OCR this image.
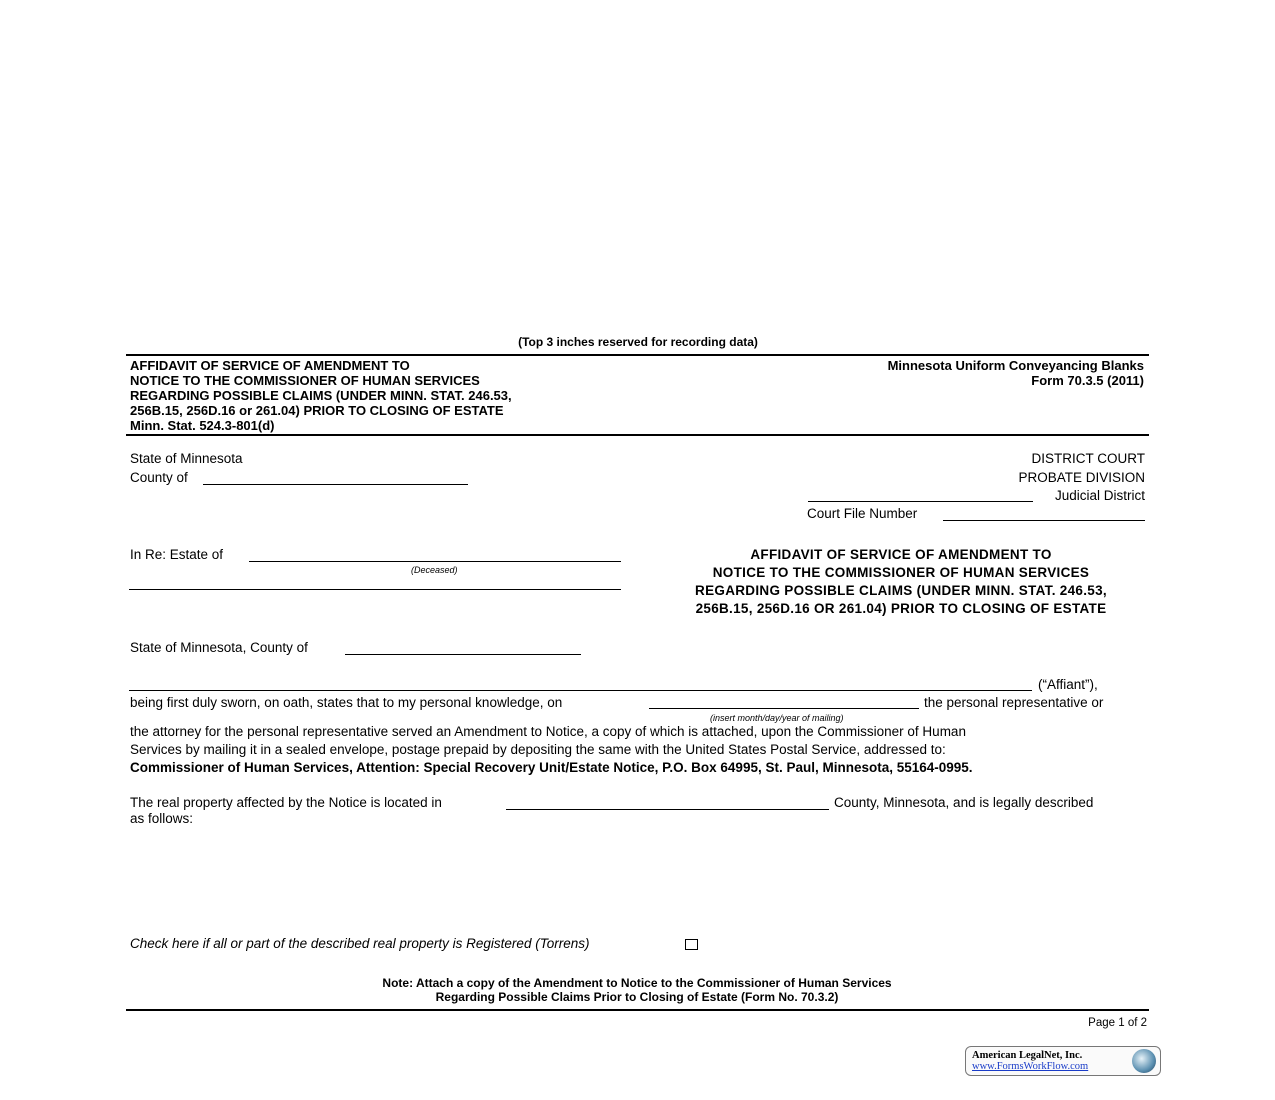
(Top 3 inches reserved for recording data)
AFFIDAVIT OF SERVICE OF AMENDMENT TO
NOTICE TO THE COMMISSIONER OF HUMAN SERVICES
REGARDING POSSIBLE CLAIMS (UNDER MINN. STAT. 246.53,
256B.15, 256D.16 or 261.04) PRIOR TO CLOSING OF ESTATE
Minn. Stat. 524.3-801(d)
Minnesota Uniform Conveyancing Blanks
Form 70.3.5 (2011)
State of Minnesota
County of
DISTRICT COURT
PROBATE DIVISION
Judicial District
Court File Number
In Re: Estate of
(Deceased)
AFFIDAVIT OF SERVICE OF AMENDMENT TO
NOTICE TO THE COMMISSIONER OF HUMAN SERVICES
REGARDING POSSIBLE CLAIMS (UNDER MINN. STAT. 246.53,
256B.15, 256D.16 OR 261.04) PRIOR TO CLOSING OF ESTATE
State of Minnesota, County of
(“Affiant”),
being first duly sworn, on oath, states that to my personal knowledge, on	the personal representative or
(insert month/day/year of mailing)
the attorney for the personal representative served an Amendment to Notice, a copy of which is attached, upon the Commissioner of Human
Services by mailing it in a sealed envelope, postage prepaid by depositing the same with the United States Postal Service, addressed to:
Commissioner of Human Services, Attention: Special Recovery Unit/Estate Notice, P.O. Box 64995, St. Paul, Minnesota, 55164-0995.
The real property affected by the Notice is located in	County, Minnesota, and is legally described
as follows:
Check here if all or part of the described real property is Registered (Torrens)
Note: Attach a copy of the Amendment to Notice to the Commissioner of Human Services
Regarding Possible Claims Prior to Closing of Estate (Form No. 70.3.2)
Page 1 of 2
American LegalNet, Inc.
www.FormsWorkFlow.com
